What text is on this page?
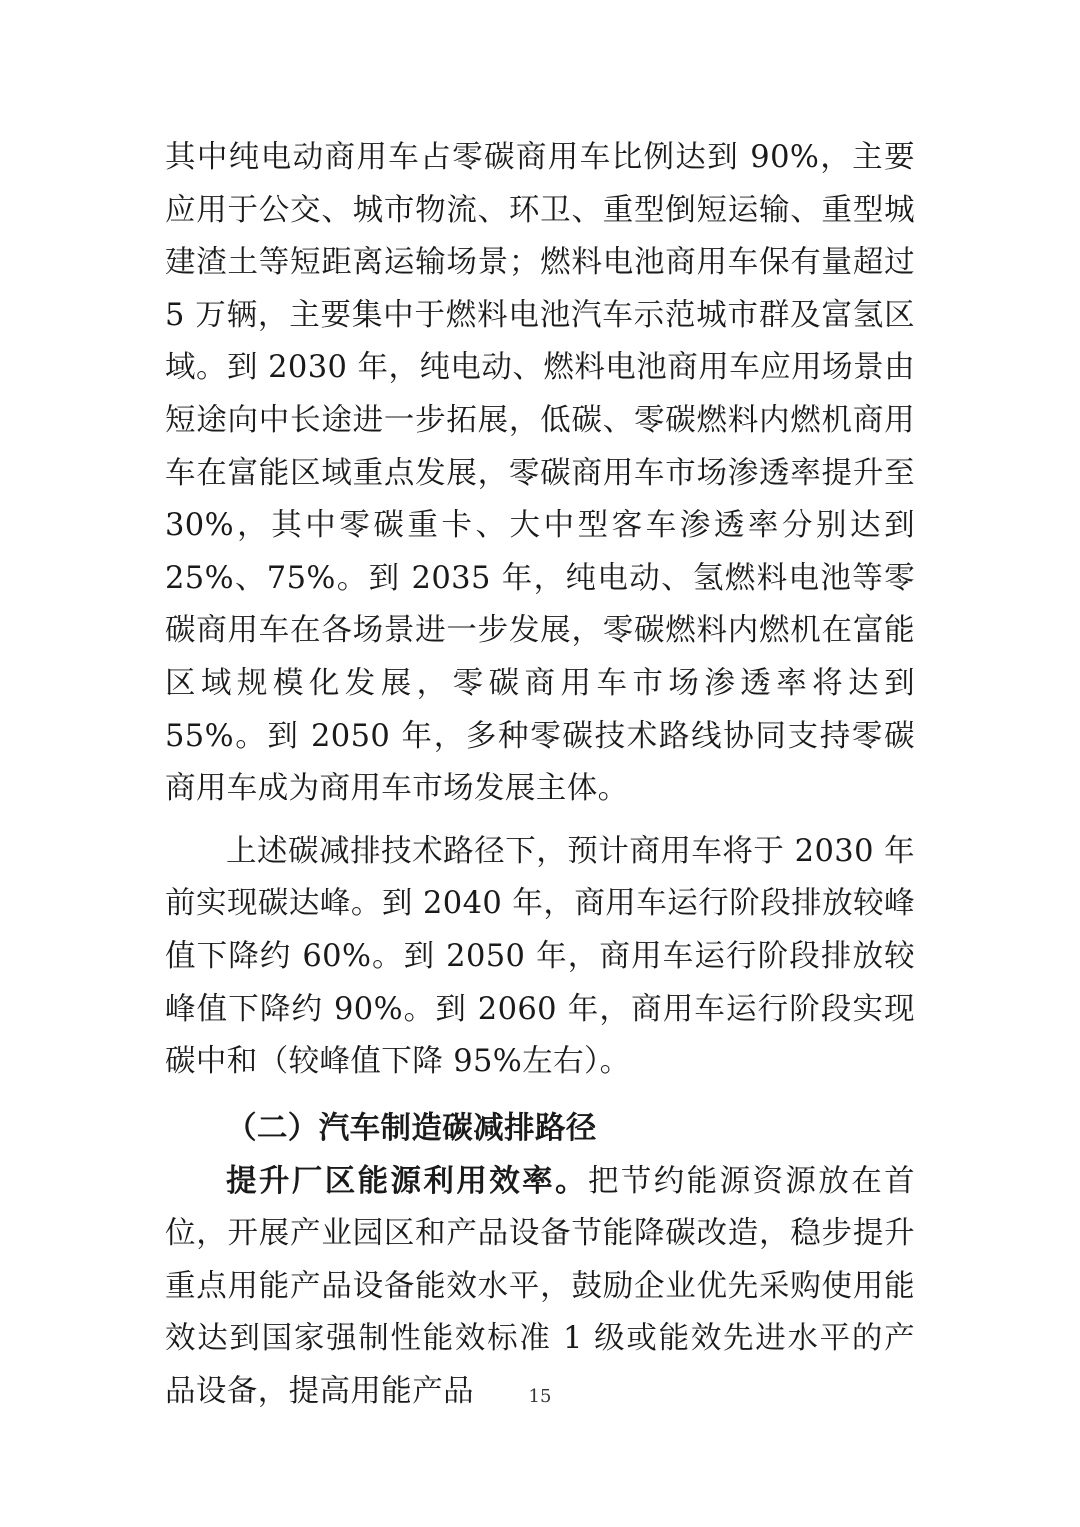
其中纯电动商用车占零碳商用车比例达到 90%，主要应用于公交、城市物流、环卫、重型倒短运输、重型城建渣土等短距离运输场景；燃料电池商用车保有量超过 5 万辆，主要集中于燃料电池汽车示范城市群及富氢区域。到 2030 年，纯电动、燃料电池商用车应用场景由短途向中长途进一步拓展，低碳、零碳燃料内燃机商用车在富能区域重点发展，零碳商用车市场渗透率提升至 30%，其中零碳重卡、大中型客车渗透率分别达到 25%、75%。到 2035 年，纯电动、氢燃料电池等零碳商用车在各场景进一步发展，零碳燃料内燃机在富能区域规模化发展，零碳商用车市场渗透率将达到 55%。到 2050 年，多种零碳技术路线协同支持零碳商用车成为商用车市场发展主体。

上述碳减排技术路径下，预计商用车将于 2030 年前实现碳达峰。到 2040 年，商用车运行阶段排放较峰值下降约 60%。到 2050 年，商用车运行阶段排放较峰值下降约 90%。到 2060 年，商用车运行阶段实现碳中和（较峰值下降 95%左右）。

（二）汽车制造碳减排路径

提升厂区能源利用效率。把节约能源资源放在首位，开展产业园区和产品设备节能降碳改造，稳步提升重点用能产品设备能效水平，鼓励企业优先采购使用能效达到国家强制性能效标准 1 级或能效先进水平的产品设备，提高用能产品	15
